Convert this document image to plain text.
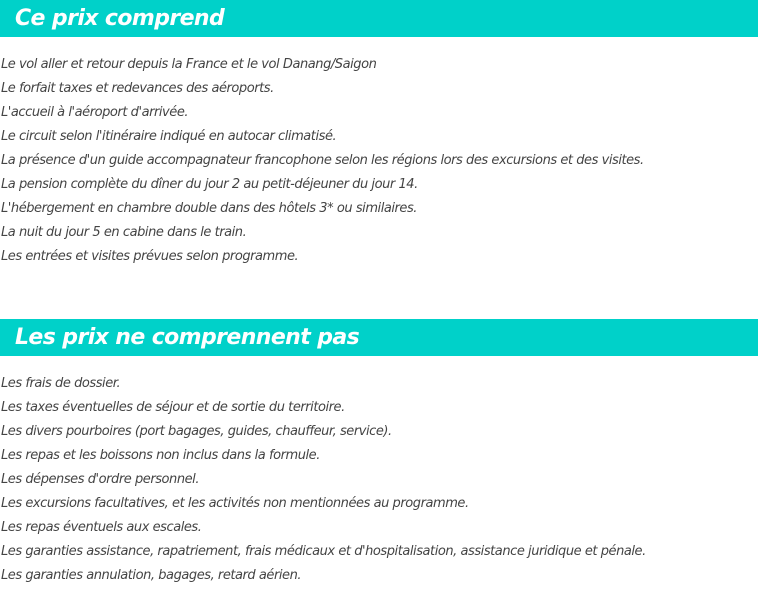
Ce prix comprend
Le vol aller et retour depuis la France et le vol Danang/Saigon
Le forfait taxes et redevances des aéroports.
L'accueil à l'aéroport d'arrivée.
Le circuit selon l'itinéraire indiqué en autocar climatisé.
La présence d'un guide accompagnateur francophone selon les régions lors des excursions et des visites.
La pension complète du dîner du jour 2 au petit-déjeuner du jour 14.
L'hébergement en chambre double dans des hôtels 3* ou similaires.
La nuit du jour 5 en cabine dans le train.
Les entrées et visites prévues selon programme.
Les prix ne comprennent pas
Les frais de dossier.
Les taxes éventuelles de séjour et de sortie du territoire.
Les divers pourboires (port bagages, guides, chauffeur, service).
Les repas et les boissons non inclus dans la formule.
Les dépenses d'ordre personnel.
Les excursions facultatives, et les activités non mentionnées au programme.
Les repas éventuels aux escales.
Les garanties assistance, rapatriement, frais médicaux et d'hospitalisation, assistance juridique et pénale.
Les garanties annulation, bagages, retard aérien.
